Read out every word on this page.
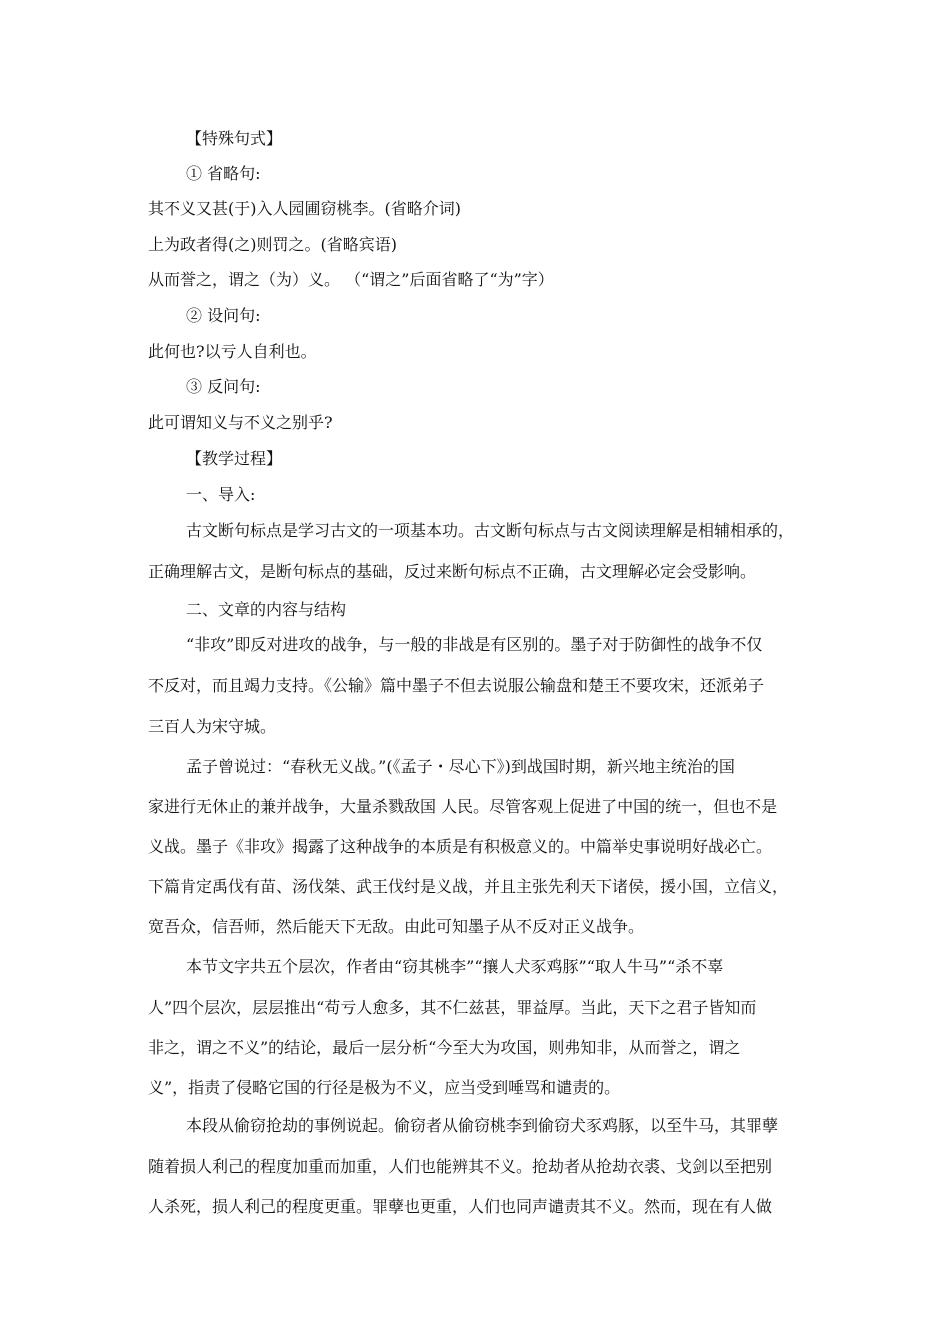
【特殊句式】
① 省略句:
其不义又甚(于)入人园圃窃桃李。(省略介词)
上为政者得(之)则罚之。(省略宾语)
从而誉之，谓之（为）义。 （“谓之”后面省略了“为”字）
② 设问句:
此何也?以亏人自利也。
③ 反问句:
此可谓知义与不义之别乎?
【教学过程】
一、导入:
古文断句标点是学习古文的一项基本功。古文断句标点与古文阅读理解是相辅相承的，
正确理解古文，是断句标点的基础，反过来断句标点不正确，古文理解必定会受影响。
二、文章的内容与结构
“非攻”即反对进攻的战争，与一般的非战是有区别的。墨子对于防御性的战争不仅
不反对，而且竭力支持。《公输》篇中墨子不但去说服公输盘和楚王不要攻宋，还派弟子
三百人为宋守城。
孟子曾说过：“春秋无义战。”(《孟子・尽心下》)到战国时期，新兴地主统治的国
家进行无休止的兼并战争，大量杀戮敌国 人民。尽管客观上促进了中国的统一，但也不是
义战。墨子《非攻》揭露了这种战争的本质是有积极意义的。中篇举史事说明好战必亡。
下篇肯定禹伐有苗、汤伐桀、武王伐纣是义战，并且主张先利天下诸侯，援小国，立信义，
宽吾众，信吾师，然后能天下无敌。由此可知墨子从不反对正义战争。
本节文字共五个层次，作者由“窃其桃李”“攘人犬豕鸡豚”“取人牛马”“杀不辜
人”四个层次，层层推出“苟亏人愈多，其不仁兹甚，罪益厚。当此，天下之君子皆知而
非之，谓之不义”的结论，最后一层分析“今至大为攻国，则弗知非，从而誉之，谓之
义”，指责了侵略它国的行径是极为不义，应当受到唾骂和谴责的。
本段从偷窃抢劫的事例说起。偷窃者从偷窃桃李到偷窃犬豕鸡豚，以至牛马，其罪孽
随着损人利己的程度加重而加重，人们也能辨其不义。抢劫者从抢劫衣裘、戈剑以至把别
人杀死，损人利己的程度更重。罪孽也更重，人们也同声谴责其不义。然而，现在有人做
